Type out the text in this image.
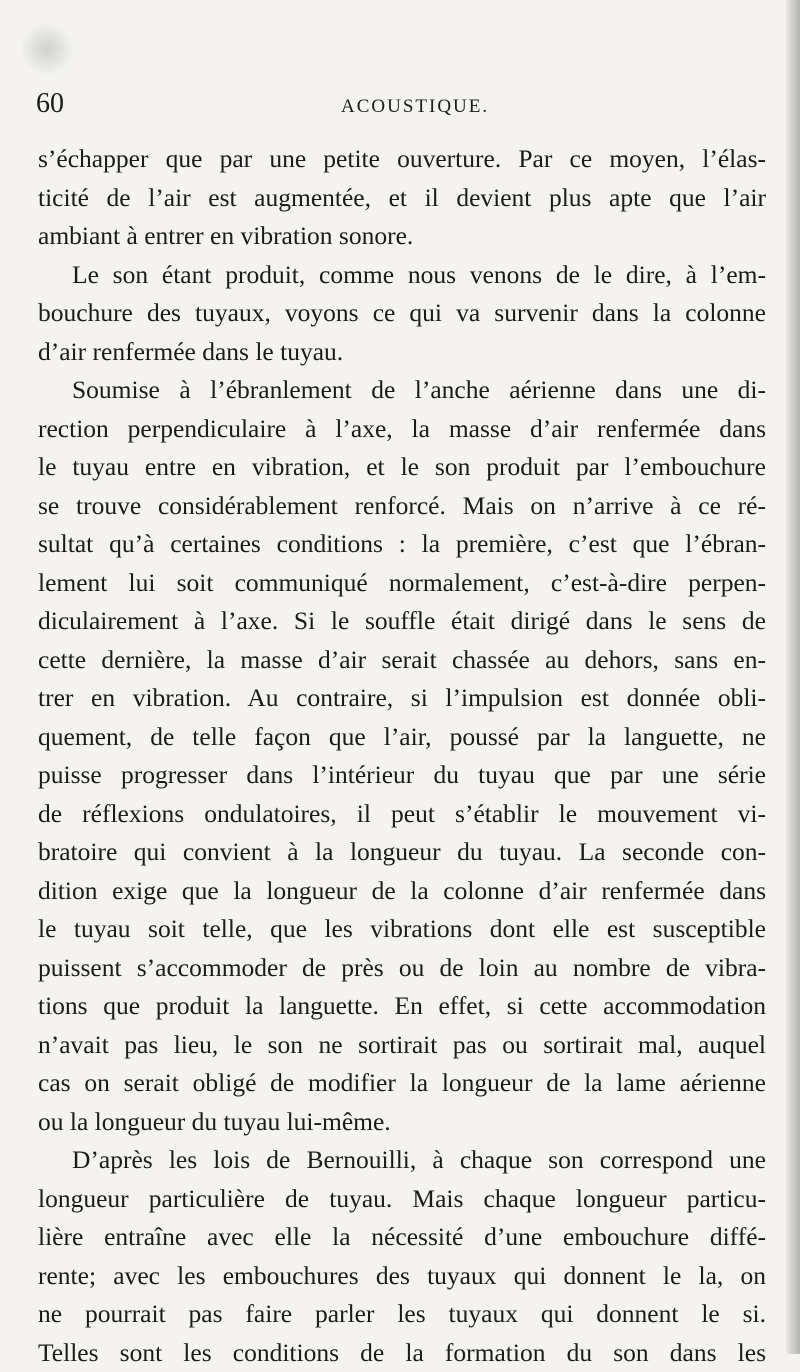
60	ACOUSTIQUE.
s’échapper que par une petite ouverture. Par ce moyen, l’élas-
ticité de l’air est augmentée, et il devient plus apte que l’air
ambiant à entrer en vibration sonore.
Le son étant produit, comme nous venons de le dire, à l’em-
bouchure des tuyaux, voyons ce qui va survenir dans la colonne
d’air renfermée dans le tuyau.
Soumise à l’ébranlement de l’anche aérienne dans une di-
rection perpendiculaire à l’axe, la masse d’air renfermée dans
le tuyau entre en vibration, et le son produit par l’embouchure
se trouve considérablement renforcé. Mais on n’arrive à ce ré-
sultat qu’à certaines conditions : la première, c’est que l’ébran-
lement lui soit communiqué normalement, c’est-à-dire perpen-
diculairement à l’axe. Si le souffle était dirigé dans le sens de
cette dernière, la masse d’air serait chassée au dehors, sans en-
trer en vibration. Au contraire, si l’impulsion est donnée obli-
quement, de telle façon que l’air, poussé par la languette, ne
puisse progresser dans l’intérieur du tuyau que par une série
de réflexions ondulatoires, il peut s’établir le mouvement vi-
bratoire qui convient à la longueur du tuyau. La seconde con-
dition exige que la longueur de la colonne d’air renfermée dans
le tuyau soit telle, que les vibrations dont elle est susceptible
puissent s’accommoder de près ou de loin au nombre de vibra-
tions que produit la languette. En effet, si cette accommodation
n’avait pas lieu, le son ne sortirait pas ou sortirait mal, auquel
cas on serait obligé de modifier la longueur de la lame aérienne
ou la longueur du tuyau lui-même.
D’après les lois de Bernouilli, à chaque son correspond une
longueur particulière de tuyau. Mais chaque longueur particu-
lière entraîne avec elle la nécessité d’une embouchure diffé-
rente; avec les embouchures des tuyaux qui donnent le la, on
ne pourrait pas faire parler les tuyaux qui donnent le si.
Telles sont les conditions de la formation du son dans les
